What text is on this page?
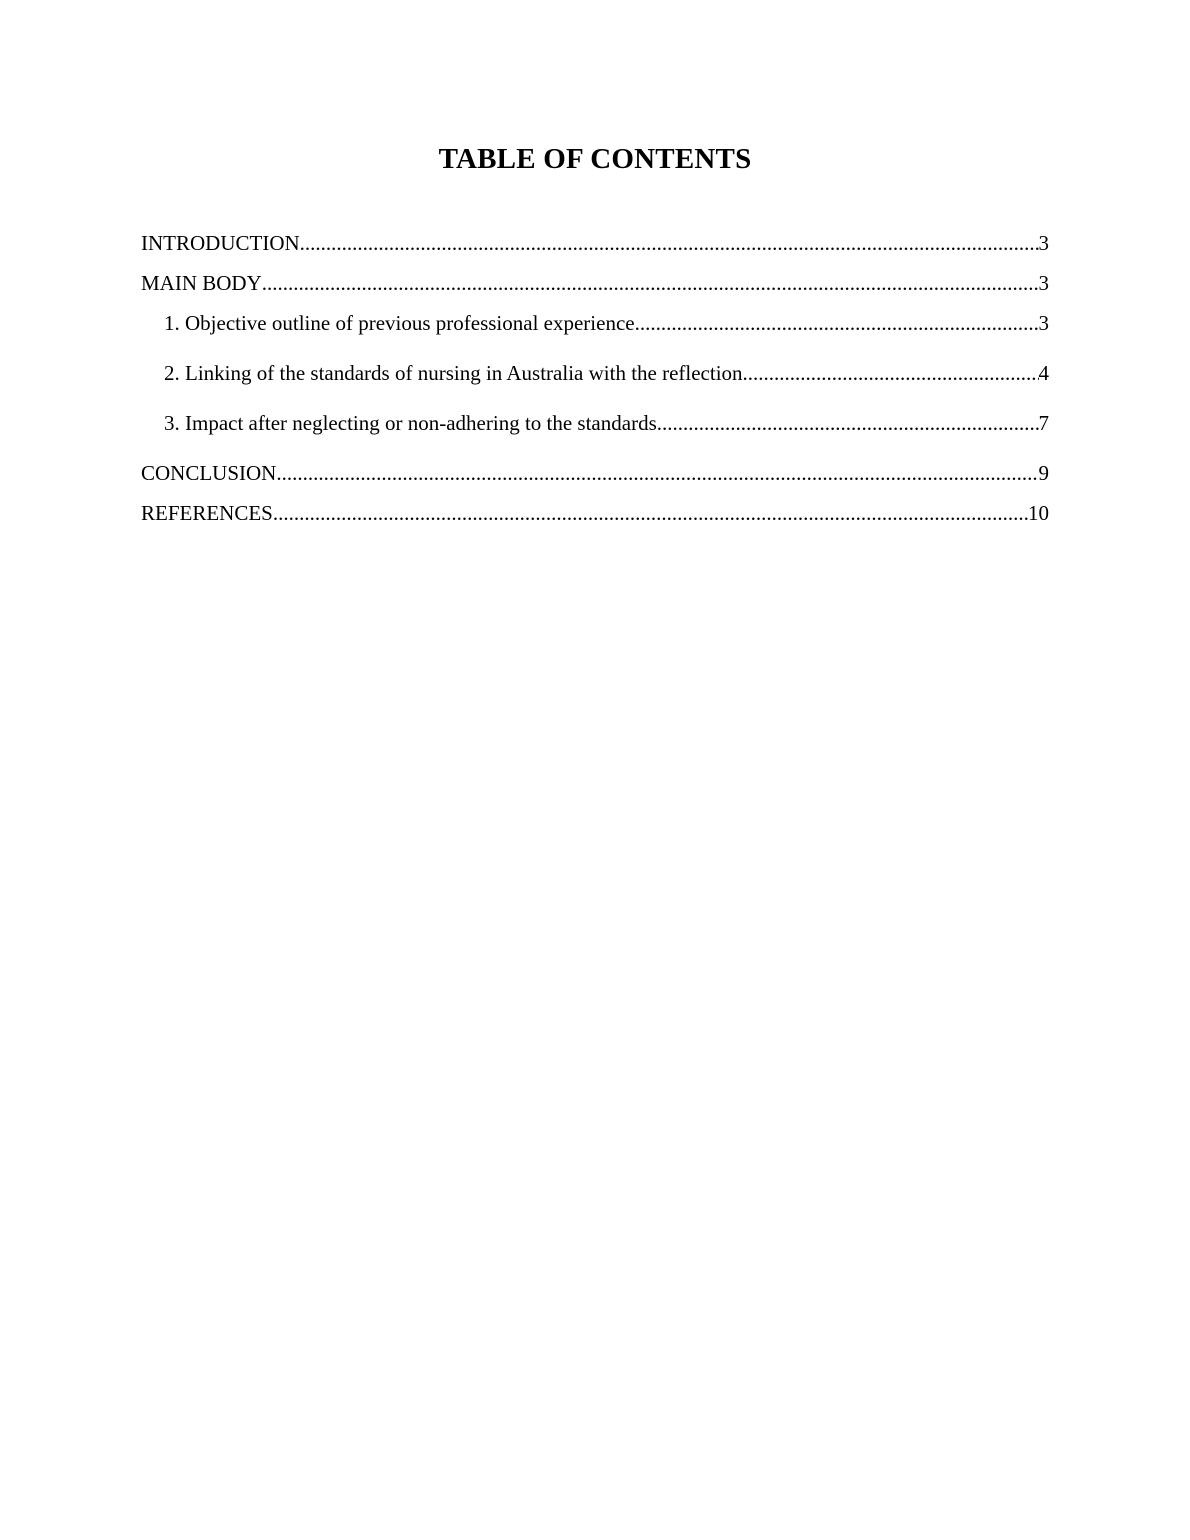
TABLE OF CONTENTS
INTRODUCTION .....	3
MAIN BODY .....	3
1. Objective outline of previous professional experience .....	3
2. Linking of the standards of nursing in Australia with the reflection .....	4
3. Impact after neglecting or non-adhering to the standards .....	7
CONCLUSION .....	9
REFERENCES .....	10
